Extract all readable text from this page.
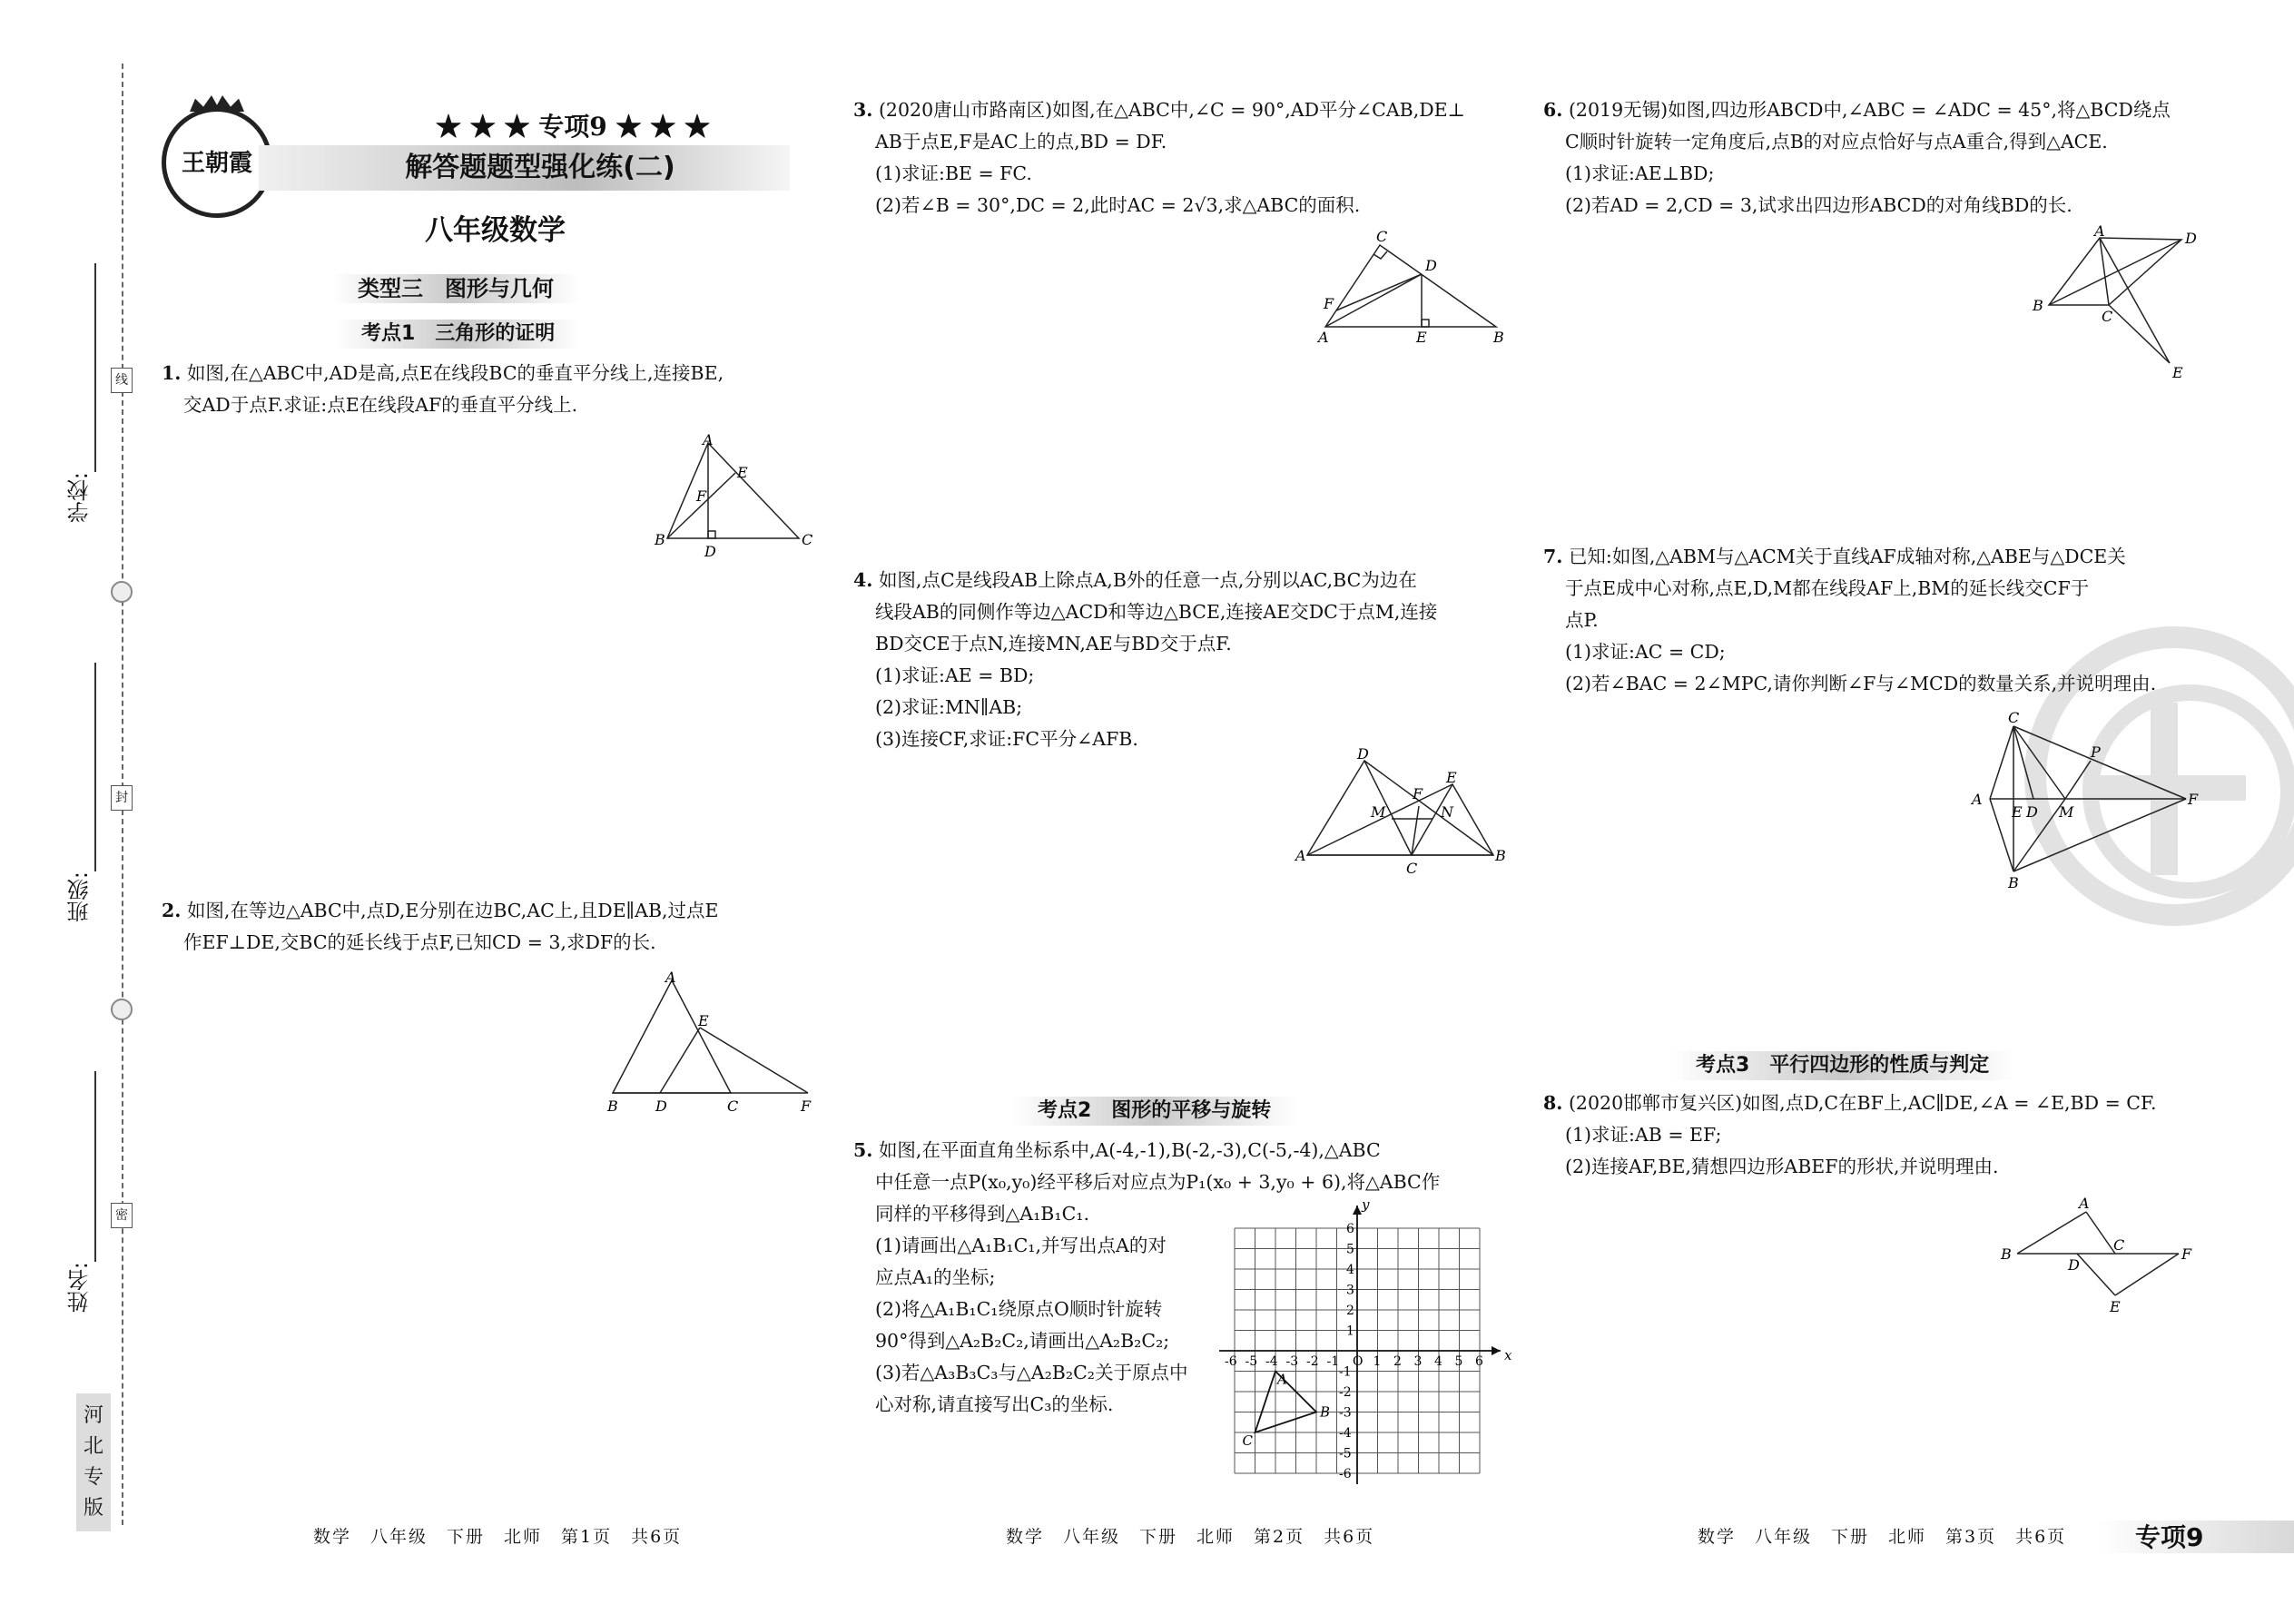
学校:
班级:
姓名:
线
封
密
河北专版
王朝霞
★ ★ ★ 专项9 ★ ★ ★
解答题题型强化练(二)
八年级数学
类型三　图形与几何
考点1　三角形的证明

1. 如图,在△ABC中,AD是高,点E在线段BC的垂直平分线上,连接BE,

交AD于点F.求证:点E在线段AF的垂直平分线上.

A
E
F
B
D
C

2. 如图,在等边△ABC中,点D,E分别在边BC,AC上,且DE∥AB,过点E

作EF⊥DE,交BC的延长线于点F,已知CD = 3,求DF的长.

A
E
B	D	C	F
数学　八年级　下册　北师　第1页　共6页

3. (2020唐山市路南区)如图,在△ABC中,∠C = 90°,AD平分∠CAB,DE⊥

AB于点E,F是AC上的点,BD = DF.

(1)求证:BE = FC.

(2)若∠B = 30°,DC = 2,此时AC = 2√3,求△ABC的面积.

C
D
F
A	E	B

4. 如图,点C是线段AB上除点A,B外的任意一点,分别以AC,BC为边在

线段AB的同侧作等边△ACD和等边△BCE,连接AE交DC于点M,连接

BD交CE于点N,连接MN,AE与BD交于点F.

(1)求证:AE = BD;

(2)求证:MN∥AB;

(3)连接CF,求证:FC平分∠AFB.

D
E
F
M	N
A
C
B
考点2　图形的平移与旋转

5. 如图,在平面直角坐标系中,A(-4,-1),B(-2,-3),C(-5,-4),△ABC

中任意一点P(x₀,y₀)经平移后对应点为P₁(x₀ + 3,y₀ + 6),将△ABC作

同样的平移得到△A₁B₁C₁.

(1)请画出△A₁B₁C₁,并写出点A的对

应点A₁的坐标;

(2)将△A₁B₁C₁绕原点O顺时针旋转

90°得到△A₂B₂C₂,请画出△A₂B₂C₂;

(3)若△A₃B₃C₃与△A₂B₂C₂关于原点中

心对称,请直接写出C₃的坐标.

-6 -5 -4 -3 -2 -1 O 1 2 3 4 5 6
6
5
4
3
2
1
-1
-2
-3
-4
-5
-6
x
y
A
B
C
数学　八年级　下册　北师　第2页　共6页

6. (2019无锡)如图,四边形ABCD中,∠ABC = ∠ADC = 45°,将△BCD绕点

C顺时针旋转一定角度后,点B的对应点恰好与点A重合,得到△ACE.

(1)求证:AE⊥BD;

(2)若AD = 2,CD = 3,试求出四边形ABCD的对角线BD的长.

A	D
B
C
E

7. 已知:如图,△ABM与△ACM关于直线AF成轴对称,△ABE与△DCE关

于点E成中心对称,点E,D,M都在线段AF上,BM的延长线交CF于

点P.

(1)求证:AC = CD;

(2)若∠BAC = 2∠MPC,请你判断∠F与∠MCD的数量关系,并说明理由.

C
P
A
E D M
F
B
考点3　平行四边形的性质与判定

8. (2020邯郸市复兴区)如图,点D,C在BF上,AC∥DE,∠A = ∠E,BD = CF.

(1)求证:AB = EF;

(2)连接AF,BE,猜想四边形ABEF的形状,并说明理由.

A
B
C
D
F
E
数学　八年级　下册　北师　第3页　共6页	专项9
